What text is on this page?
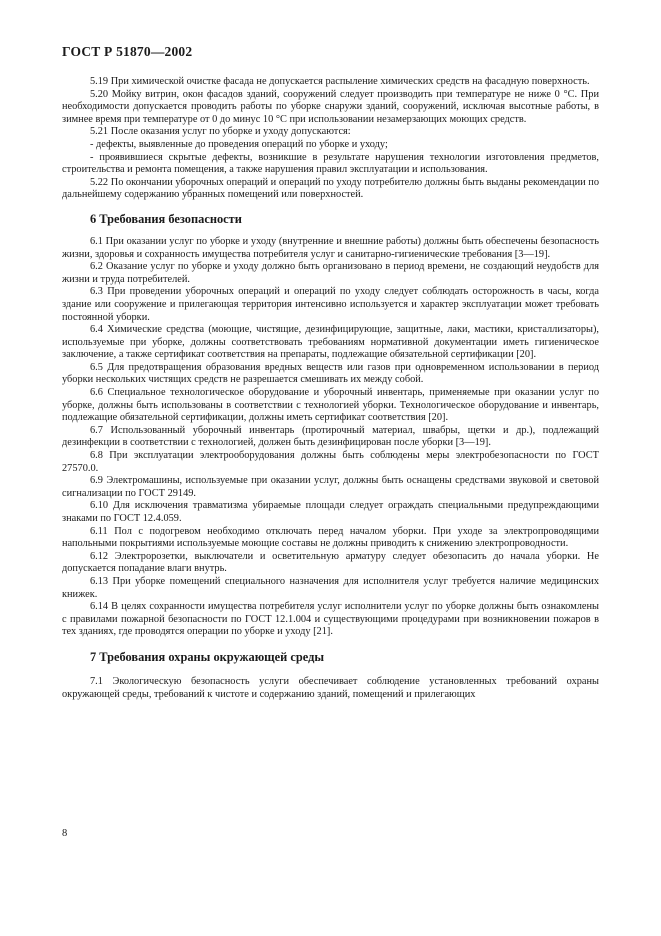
ГОСТ Р 51870—2002

5.19 При химической очистке фасада не допускается распыление химических средств на фасадную поверхность.

5.20 Мойку витрин, окон фасадов зданий, сооружений следует производить при температуре не ниже 0 °С. При необходимости допускается проводить работы по уборке снаружи зданий, сооружений, исключая высотные работы, в зимнее время при температуре от 0 до минус 10 °С при использовании незамерзающих моющих средств.

5.21 После оказания услуг по уборке и уходу допускаются:

- дефекты, выявленные до проведения операций по уборке и уходу;

- проявившиеся скрытые дефекты, возникшие в результате нарушения технологии изготовления предметов, строительства и ремонта помещения, а также нарушения правил эксплуатации и использования.

5.22 По окончании уборочных операций и операций по уходу потребителю должны быть выданы рекомендации по дальнейшему содержанию убранных помещений или поверхностей.

6 Требования безопасности

6.1 При оказании услуг по уборке и уходу (внутренние и внешние работы) должны быть обеспечены безопасность жизни, здоровья и сохранность имущества потребителя услуг и санитарно-гигиенические требования [3—19].

6.2 Оказание услуг по уборке и уходу должно быть организовано в период времени, не создающий неудобств для жизни и труда потребителей.

6.3 При проведении уборочных операций и операций по уходу следует соблюдать осторожность в часы, когда здание или сооружение и прилегающая территория интенсивно используется и характер эксплуатации может требовать постоянной уборки.

6.4 Химические средства (моющие, чистящие, дезинфицирующие, защитные, лаки, мастики, кристаллизаторы), используемые при уборке, должны соответствовать требованиям нормативной документации иметь гигиеническое заключение, а также сертификат соответствия на препараты, подлежащие обязательной сертификации [20].

6.5 Для предотвращения образования вредных веществ или газов при одновременном использовании в период уборки нескольких чистящих средств не разрешается смешивать их между собой.

6.6 Специальное технологическое оборудование и уборочный инвентарь, применяемые при оказании услуг по уборке, должны быть использованы в соответствии с технологией уборки. Технологическое оборудование и инвентарь, подлежащие обязательной сертификации, должны иметь сертификат соответствия [20].

6.7 Использованный уборочный инвентарь (протирочный материал, швабры, щетки и др.), подлежащий дезинфекции в соответствии с технологией, должен быть дезинфицирован после уборки [3—19].

6.8 При эксплуатации электрооборудования должны быть соблюдены меры электробезопасности по ГОСТ 27570.0.

6.9 Электромашины, используемые при оказании услуг, должны быть оснащены средствами звуковой и световой сигнализации по ГОСТ 29149.

6.10 Для исключения травматизма убираемые площади следует ограждать специальными предупреждающими знаками по ГОСТ 12.4.059.

6.11 Пол с подогревом необходимо отключать перед началом уборки. При уходе за электропроводящими напольными покрытиями используемые моющие составы не должны приводить к снижению электропроводности.

6.12 Электророзетки, выключатели и осветительную арматуру следует обезопасить до начала уборки. Не допускается попадание влаги внутрь.

6.13 При уборке помещений специального назначения для исполнителя услуг требуется наличие медицинских книжек.

6.14 В целях сохранности имущества потребителя услуг исполнители услуг по уборке должны быть ознакомлены с правилами пожарной безопасности по ГОСТ 12.1.004 и существующими процедурами при возникновении пожаров в тех зданиях, где проводятся операции по уборке и уходу [21].

7 Требования охраны окружающей среды

7.1 Экологическую безопасность услуги обеспечивает соблюдение установленных требований охраны окружающей среды, требований к чистоте и содержанию зданий, помещений и прилегающих

8
